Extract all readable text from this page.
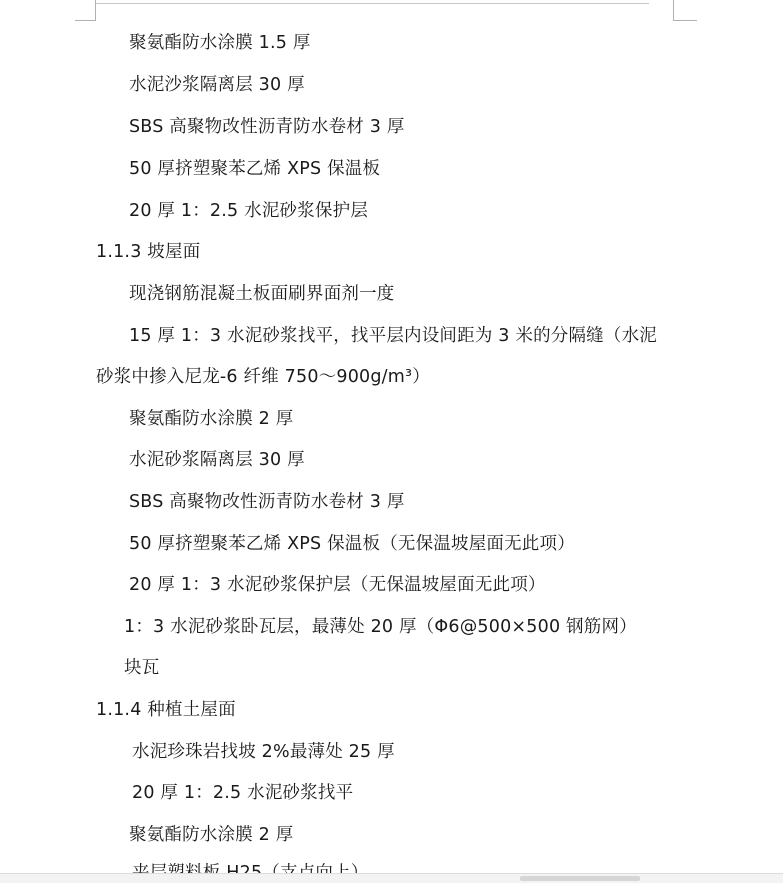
聚氨酯防水涂膜 1.5 厚
水泥沙浆隔离层 30 厚
SBS 高聚物改性沥青防水卷材 3 厚
50 厚挤塑聚苯乙烯 XPS 保温板
20 厚 1：2.5 水泥砂浆保护层
1.1.3 坡屋面
现浇钢筋混凝土板面刷界面剂一度
15 厚 1：3 水泥砂浆找平，找平层内设间距为 3 米的分隔缝（水泥
砂浆中掺入尼龙-6 纤维 750～900g/m³）
聚氨酯防水涂膜 2 厚
水泥砂浆隔离层 30 厚
SBS 高聚物改性沥青防水卷材 3 厚
50 厚挤塑聚苯乙烯 XPS 保温板（无保温坡屋面无此项）
20 厚 1：3 水泥砂浆保护层（无保温坡屋面无此项）
1：3 水泥砂浆卧瓦层，最薄处 20 厚（Φ6@500×500 钢筋网）
块瓦
1.1.4 种植土屋面
水泥珍珠岩找坡 2%最薄处 25 厚
20 厚 1：2.5 水泥砂浆找平
聚氨酯防水涂膜 2 厚
